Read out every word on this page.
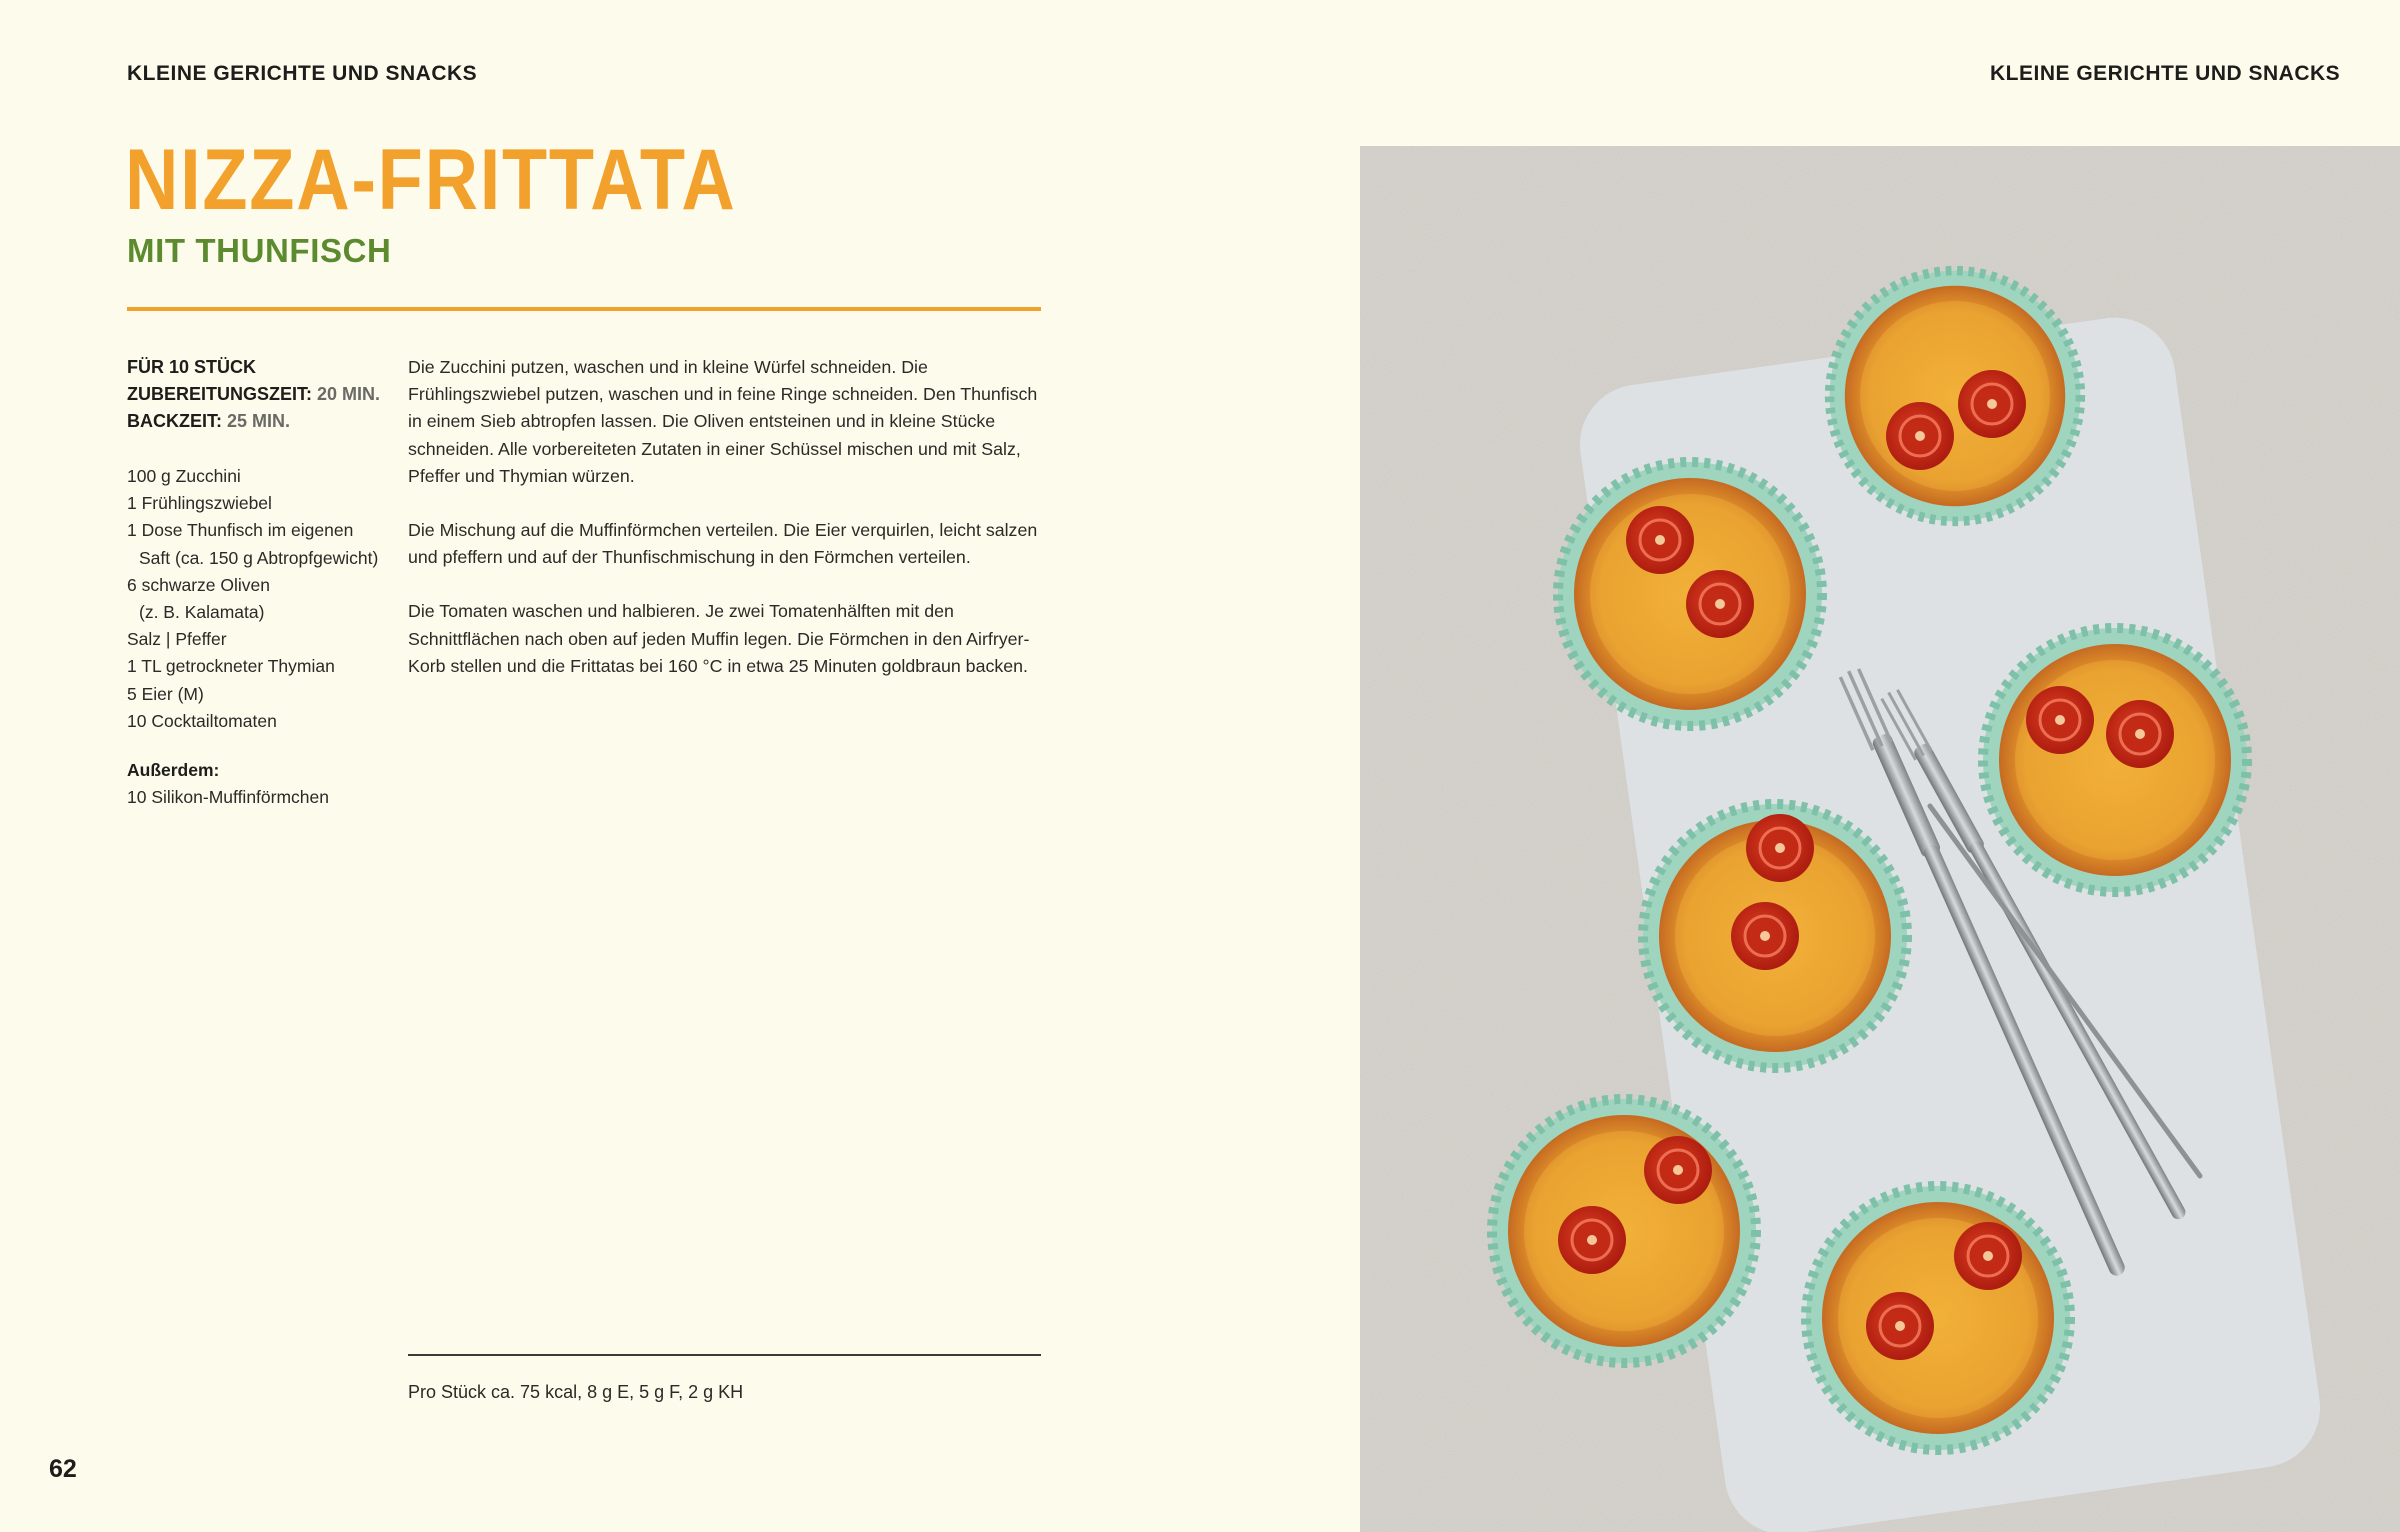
KLEINE GERICHTE UND SNACKS
NIZZA-FRITTATA
MIT THUNFISCH
FÜR 10 STÜCK
ZUBEREITUNGSZEIT: 20 MIN.
BACKZEIT: 25 MIN.
100 g Zucchini
1 Frühlingszwiebel
1 Dose Thunfisch im eigenen
Saft (ca. 150 g Abtropfgewicht)
6 schwarze Oliven
(z. B. Kalamata)
Salz | Pfeffer
1 TL getrockneter Thymian
5 Eier (M)
10 Cocktailtomaten
Außerdem:
10 Silikon-Muffinförmchen

Die Zucchini putzen, waschen und in kleine Würfel schneiden. Die Frühlingszwiebel putzen, waschen und in feine Ringe schneiden. Den Thunfisch in einem Sieb abtropfen lassen. Die Oliven entsteinen und in kleine Stücke schneiden. Alle vorbereiteten Zutaten in einer Schüssel mischen und mit Salz, Pfeffer und Thymian würzen.

Die Mischung auf die Muffinförmchen verteilen. Die Eier verquirlen, leicht salzen und pfeffern und auf der Thunfischmischung in den Förmchen verteilen.

Die Tomaten waschen und halbieren. Je zwei Tomatenhälften mit den Schnittflächen nach oben auf jeden Muffin legen. Die Förmchen in den Airfryer-Korb stellen und die Frittatas bei 160 °C in etwa 25 Minuten goldbraun backen.

Pro Stück ca. 75 kcal, 8 g E, 5 g F, 2 g KH
62
KLEINE GERICHTE UND SNACKS
